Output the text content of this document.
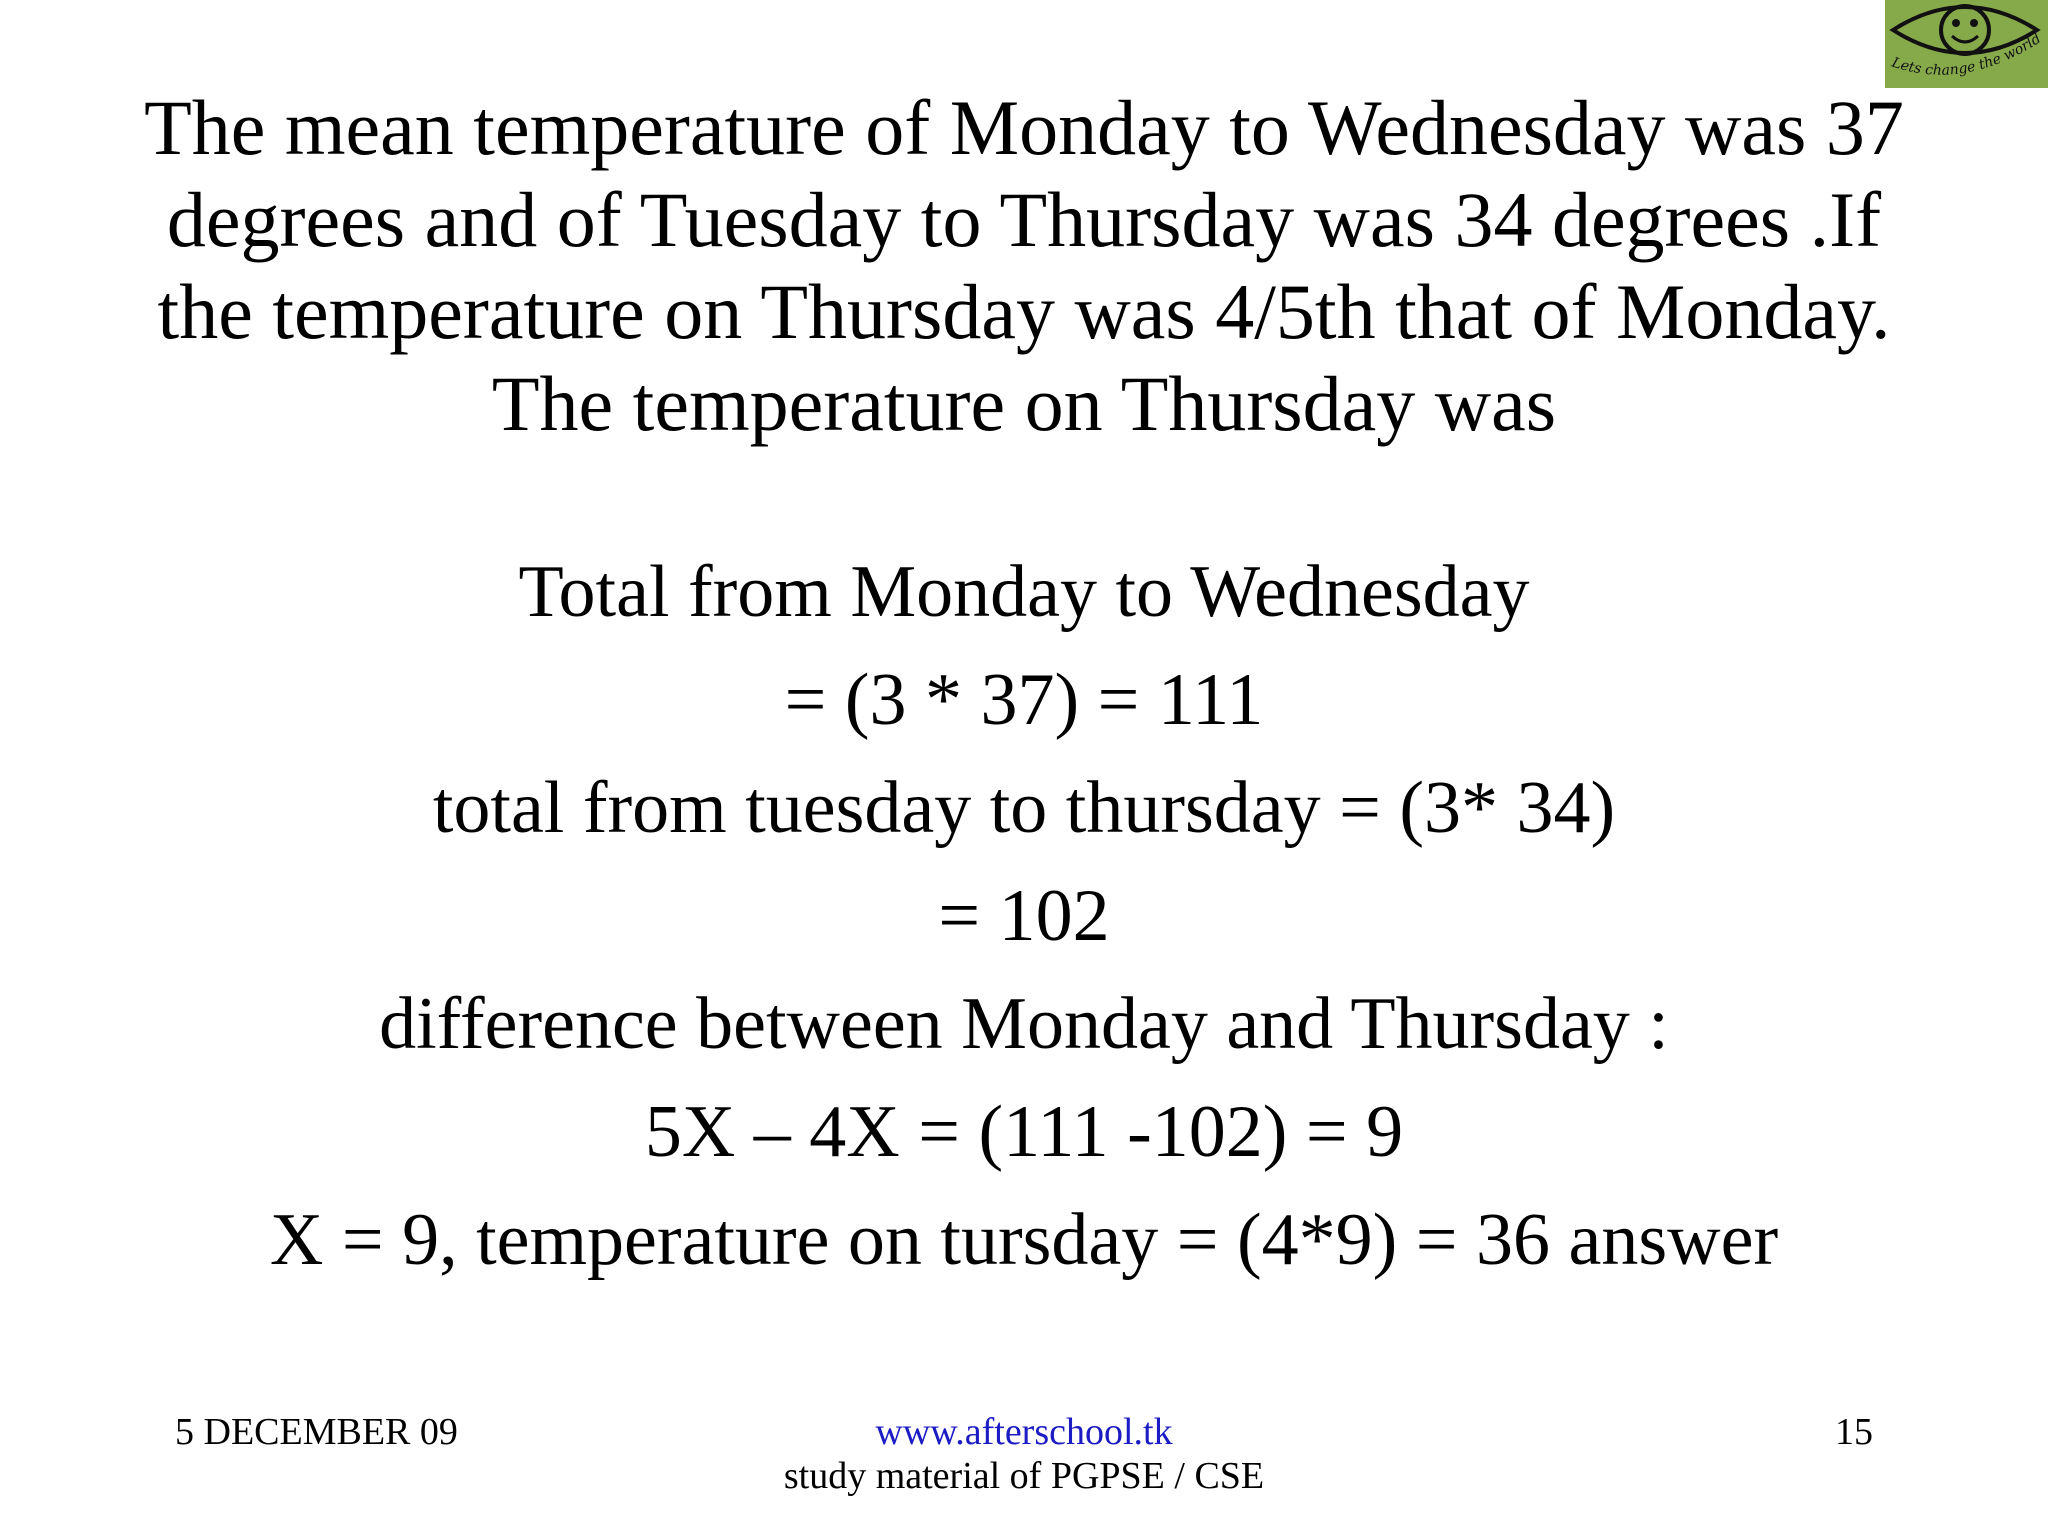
Lets change the world
The mean temperature of Monday to Wednesday was 37 degrees and of Tuesday to Thursday was 34 degrees .If the temperature on Thursday was 4/5th that of Monday. The temperature on Thursday was
Total from Monday to Wednesday
= (3 * 37) = 111
total from tuesday to thursday = (3* 34)
= 102
difference between Monday and Thursday :
5X – 4X = (111 -102) = 9
X = 9, temperature on tursday = (4*9) = 36 answer
5 DECEMBER 09	www.afterschool.tk
study material of PGPSE / CSE
15
